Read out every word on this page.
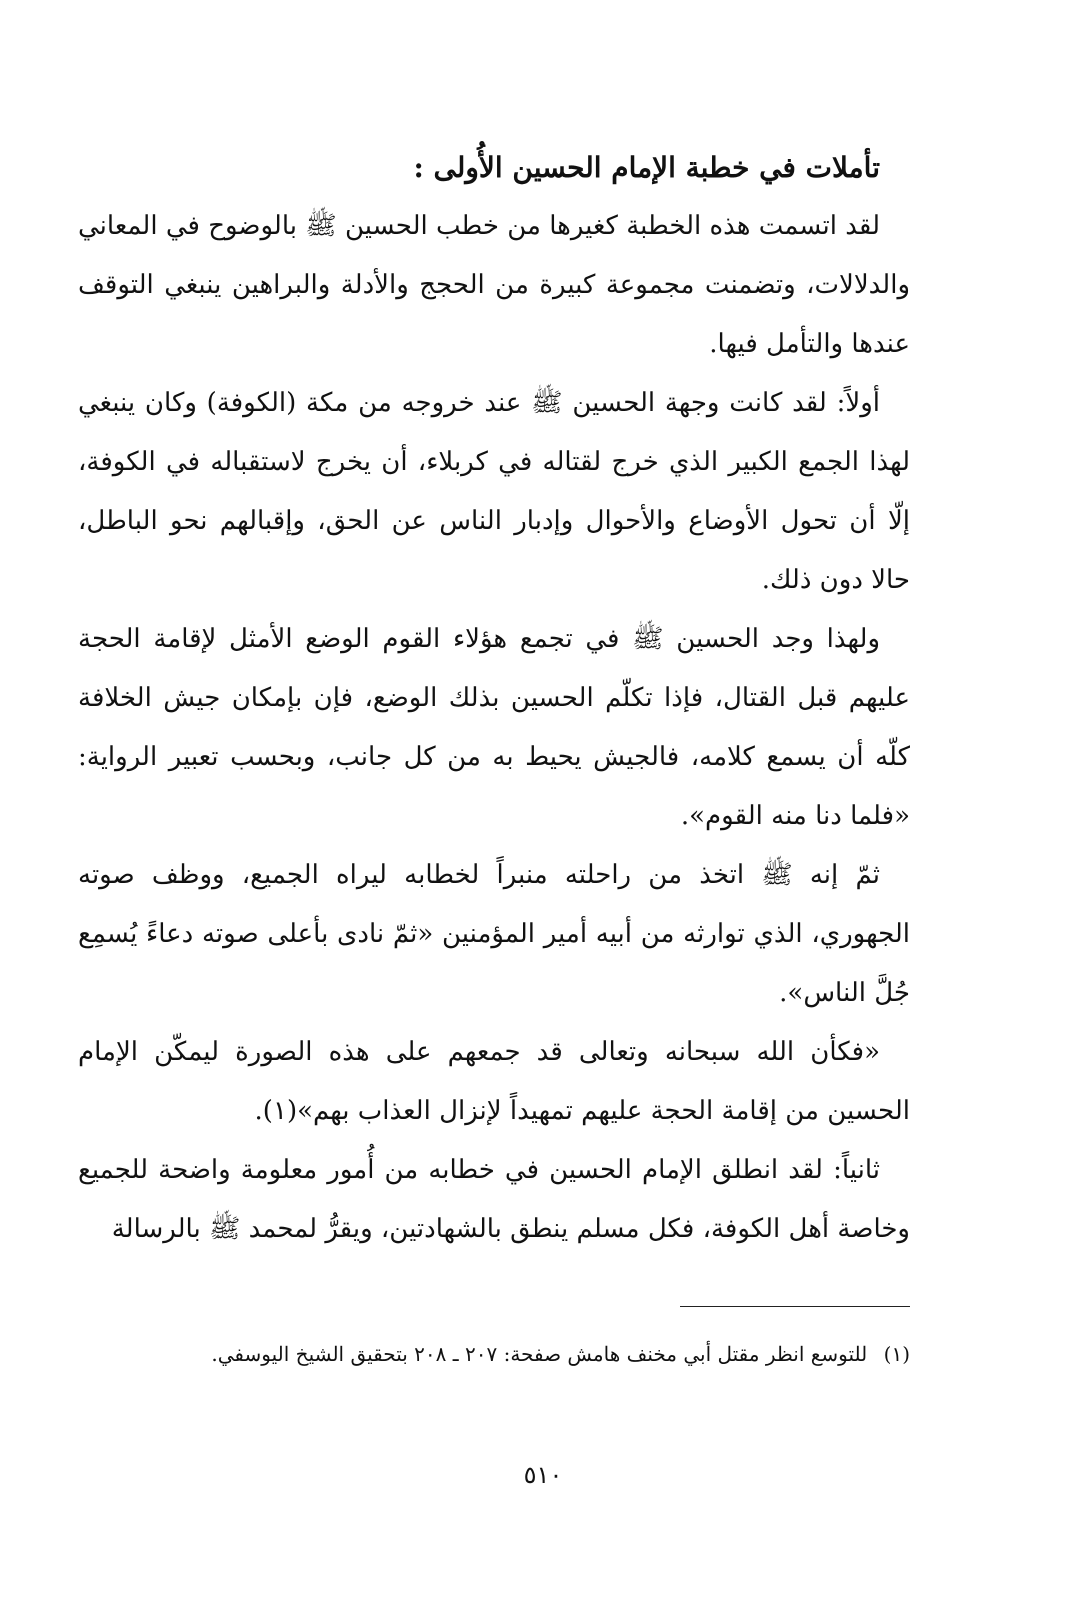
تأملات في خطبة الإمام الحسين الأُولى :

لقد اتسمت هذه الخطبة كغيرها من خطب الحسين ﷺ بالوضوح في المعاني والدلالات، وتضمنت مجموعة كبيرة من الحجج والأدلة والبراهين ينبغي التوقف عندها والتأمل فيها.

أولاً: لقد كانت وجهة الحسين ﷺ عند خروجه من مكة (الكوفة) وكان ينبغي لهذا الجمع الكبير الذي خرج لقتاله في كربلاء، أن يخرج لاستقباله في الكوفة، إلّا أن تحول الأوضاع والأحوال وإدبار الناس عن الحق، وإقبالهم نحو الباطل، حالا دون ذلك.

ولهذا وجد الحسين ﷺ في تجمع هؤلاء القوم الوضع الأمثل لإقامة الحجة عليهم قبل القتال، فإذا تكلّم الحسين بذلك الوضع، فإن بإمكان جيش الخلافة كلّه أن يسمع كلامه، فالجيش يحيط به من كل جانب، وبحسب تعبير الرواية: «فلما دنا منه القوم».

ثمّ إنه ﷺ اتخذ من راحلته منبراً لخطابه ليراه الجميع، ووظف صوته الجهوري، الذي توارثه من أبيه أمير المؤمنين «ثمّ نادى بأعلى صوته دعاءً يُسمِع جُلَّ الناس».

«فكأن الله سبحانه وتعالى قد جمعهم على هذه الصورة ليمكّن الإمام الحسين من إقامة الحجة عليهم تمهيداً لإنزال العذاب بهم»(١).

ثانياً: لقد انطلق الإمام الحسين في خطابه من أُمور معلومة واضحة للجميع وخاصة أهل الكوفة، فكل مسلم ينطق بالشهادتين، ويقرُّ لمحمد ﷺ بالرسالة

(١) للتوسع انظر مقتل أبي مخنف هامش صفحة: ٢٠٧ ـ ٢٠٨ بتحقيق الشيخ اليوسفي.
٥١٠
